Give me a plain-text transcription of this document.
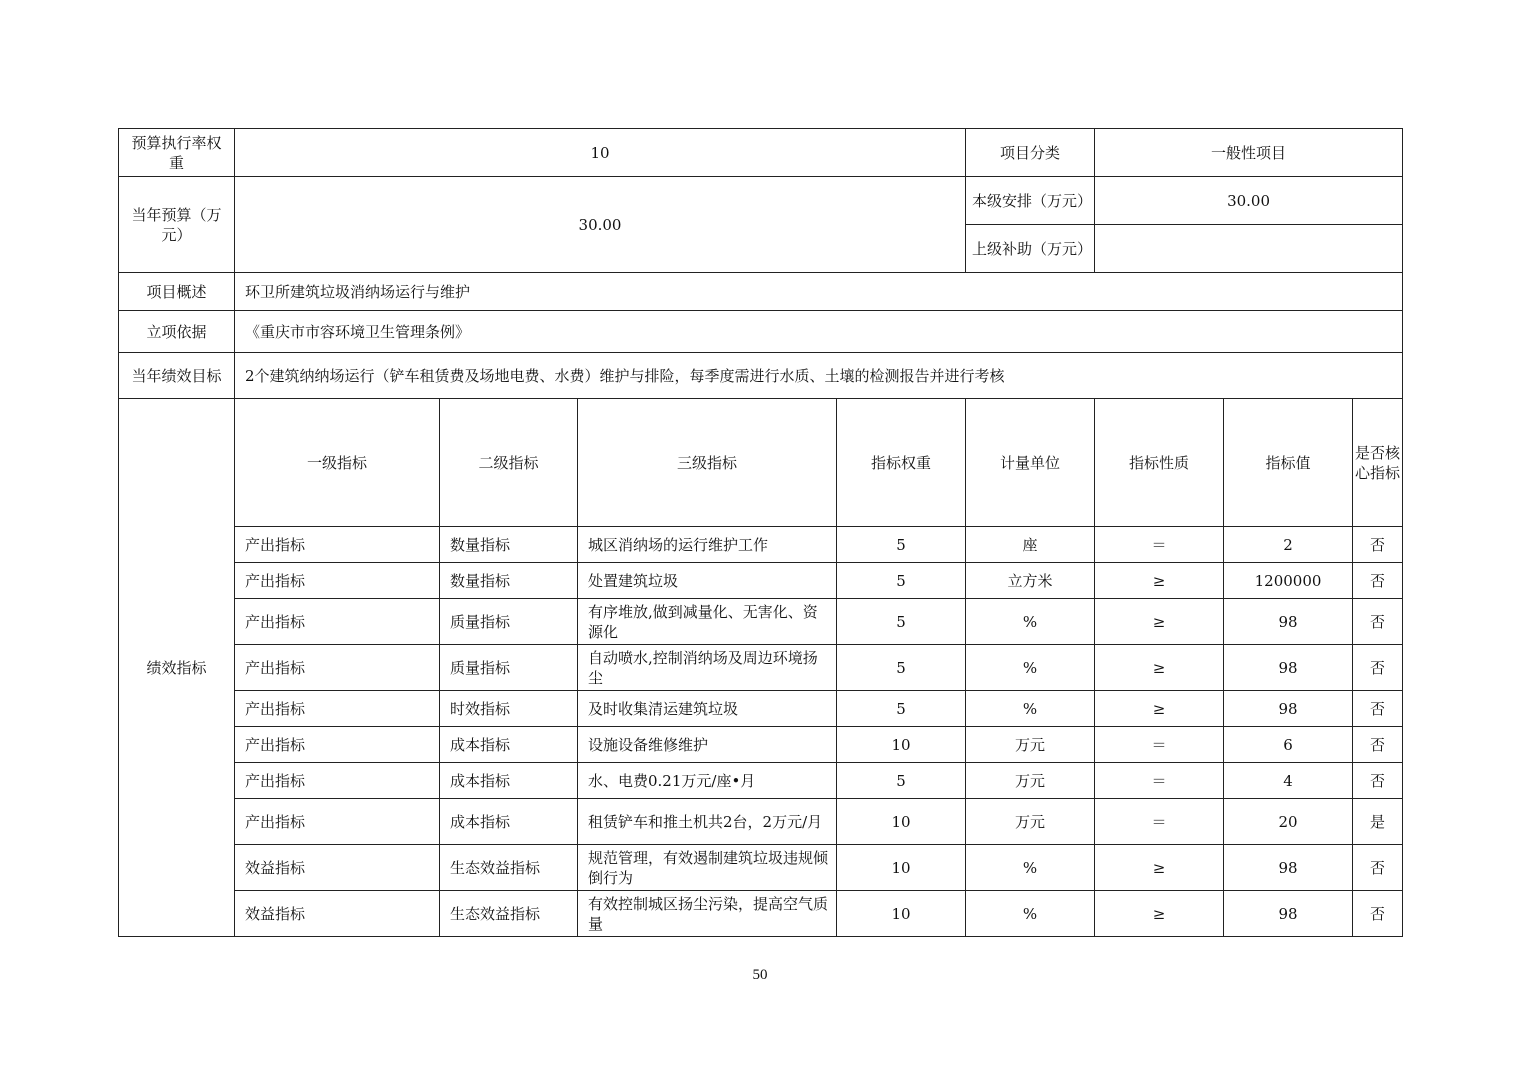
预算执行率权重	10				项目分类	一般性项目		
当年预算（万元）	30.00				本级安排（万元）	30.00		
					上级补助（万元）			
项目概述	环卫所建筑垃圾消纳场运行与维护							
立项依据	《重庆市市容环境卫生管理条例》							
当年绩效目标	2个建筑纳纳场运行（铲车租赁费及场地电费、水费）维护与排险，每季度需进行水质、土壤的检测报告并进行考核							
绩效指标	一级指标	二级指标	三级指标	指标权重	计量单位	指标性质	指标值	是否核心指标
	产出指标	数量指标	城区消纳场的运行维护工作	5	座	＝	2	否
	产出指标	数量指标	处置建筑垃圾	5	立方米	≥	1200000	否
	产出指标	质量指标	有序堆放,做到减量化、无害化、资源化	5	%	≥	98	否
	产出指标	质量指标	自动喷水,控制消纳场及周边环境扬尘	5	%	≥	98	否
	产出指标	时效指标	及时收集清运建筑垃圾	5	%	≥	98	否
	产出指标	成本指标	设施设备维修维护	10	万元	＝	6	否
	产出指标	成本指标	水、电费0.21万元/座•月	5	万元	＝	4	否
	产出指标	成本指标	租赁铲车和推土机共2台，2万元/月	10	万元	＝	20	是
	效益指标	生态效益指标	规范管理，有效遏制建筑垃圾违规倾倒行为	10	%	≥	98	否
	效益指标	生态效益指标	有效控制城区扬尘污染，提高空气质量	10	%	≥	98	否
50
